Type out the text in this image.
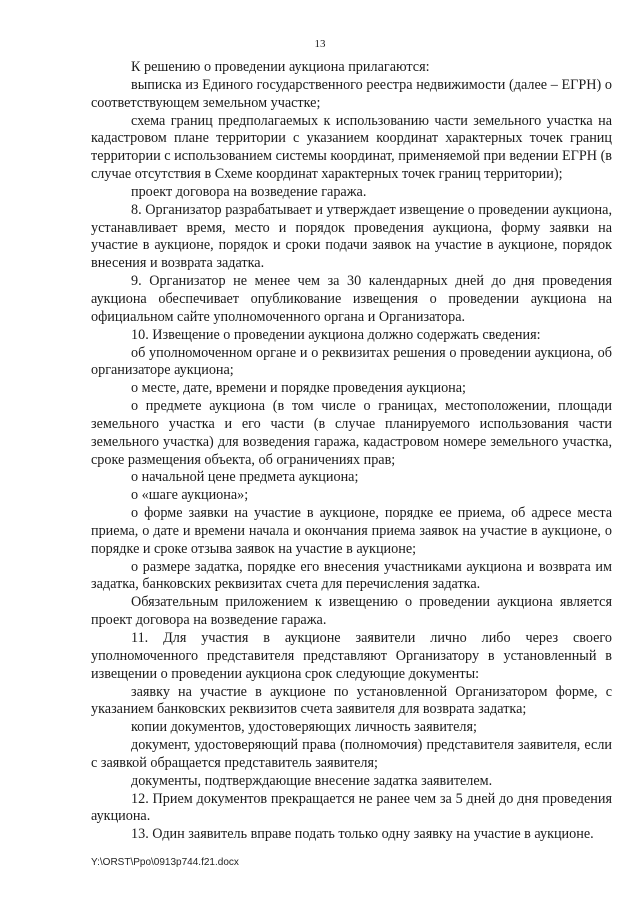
13

К решению о проведении аукциона прилагаются:

выписка из Единого государственного реестра недвижимости (далее – ЕГРН) о соответствующем земельном участке;

схема границ предполагаемых к использованию части земельного участка на кадастровом плане территории с указанием координат характерных точек границ территории с использованием системы координат, применяемой при ведении ЕГРН (в случае отсутствия в Схеме координат характерных точек границ территории);

проект договора на возведение гаража.

8. Организатор разрабатывает и утверждает извещение о проведении аукциона, устанавливает время, место и порядок проведения аукциона, форму заявки на участие в аукционе, порядок и сроки подачи заявок на участие в аукционе, порядок внесения и возврата задатка.

9. Организатор не менее чем за 30 календарных дней до дня проведения аукциона обеспечивает опубликование извещения о проведении аукциона на официальном сайте уполномоченного органа и Организатора.

10. Извещение о проведении аукциона должно содержать сведения:

об уполномоченном органе и о реквизитах решения о проведении аукциона, об организаторе аукциона;

о месте, дате, времени и порядке проведения аукциона;

о предмете аукциона (в том числе о границах, местоположении, площади земельного участка и его части (в случае планируемого использования части земельного участка) для возведения гаража, кадастровом номере земельного участка, сроке размещения объекта, об ограничениях прав;

о начальной цене предмета аукциона;

о «шаге аукциона»;

о форме заявки на участие в аукционе, порядке ее приема, об адресе места приема, о дате и времени начала и окончания приема заявок на участие в аукционе, о порядке и сроке отзыва заявок на участие в аукционе;

о размере задатка, порядке его внесения участниками аукциона и возврата им задатка, банковских реквизитах счета для перечисления задатка.

Обязательным приложением к извещению о проведении аукциона является проект договора на возведение гаража.

11. Для участия в аукционе заявители лично либо через своего уполномоченного представителя представляют Организатору в установленный в извещении о проведении аукциона срок следующие документы:

заявку на участие в аукционе по установленной Организатором форме, с указанием банковских реквизитов счета заявителя для возврата задатка;

копии документов, удостоверяющих личность заявителя;

документ, удостоверяющий права (полномочия) представителя заявителя, если с заявкой обращается представитель заявителя;

документы, подтверждающие внесение задатка заявителем.

12. Прием документов прекращается не ранее чем за 5 дней до дня проведения аукциона.

13. Один заявитель вправе подать только одну заявку на участие в аукционе.

Y:\ORST\Ppo\0913p744.f21.docx
